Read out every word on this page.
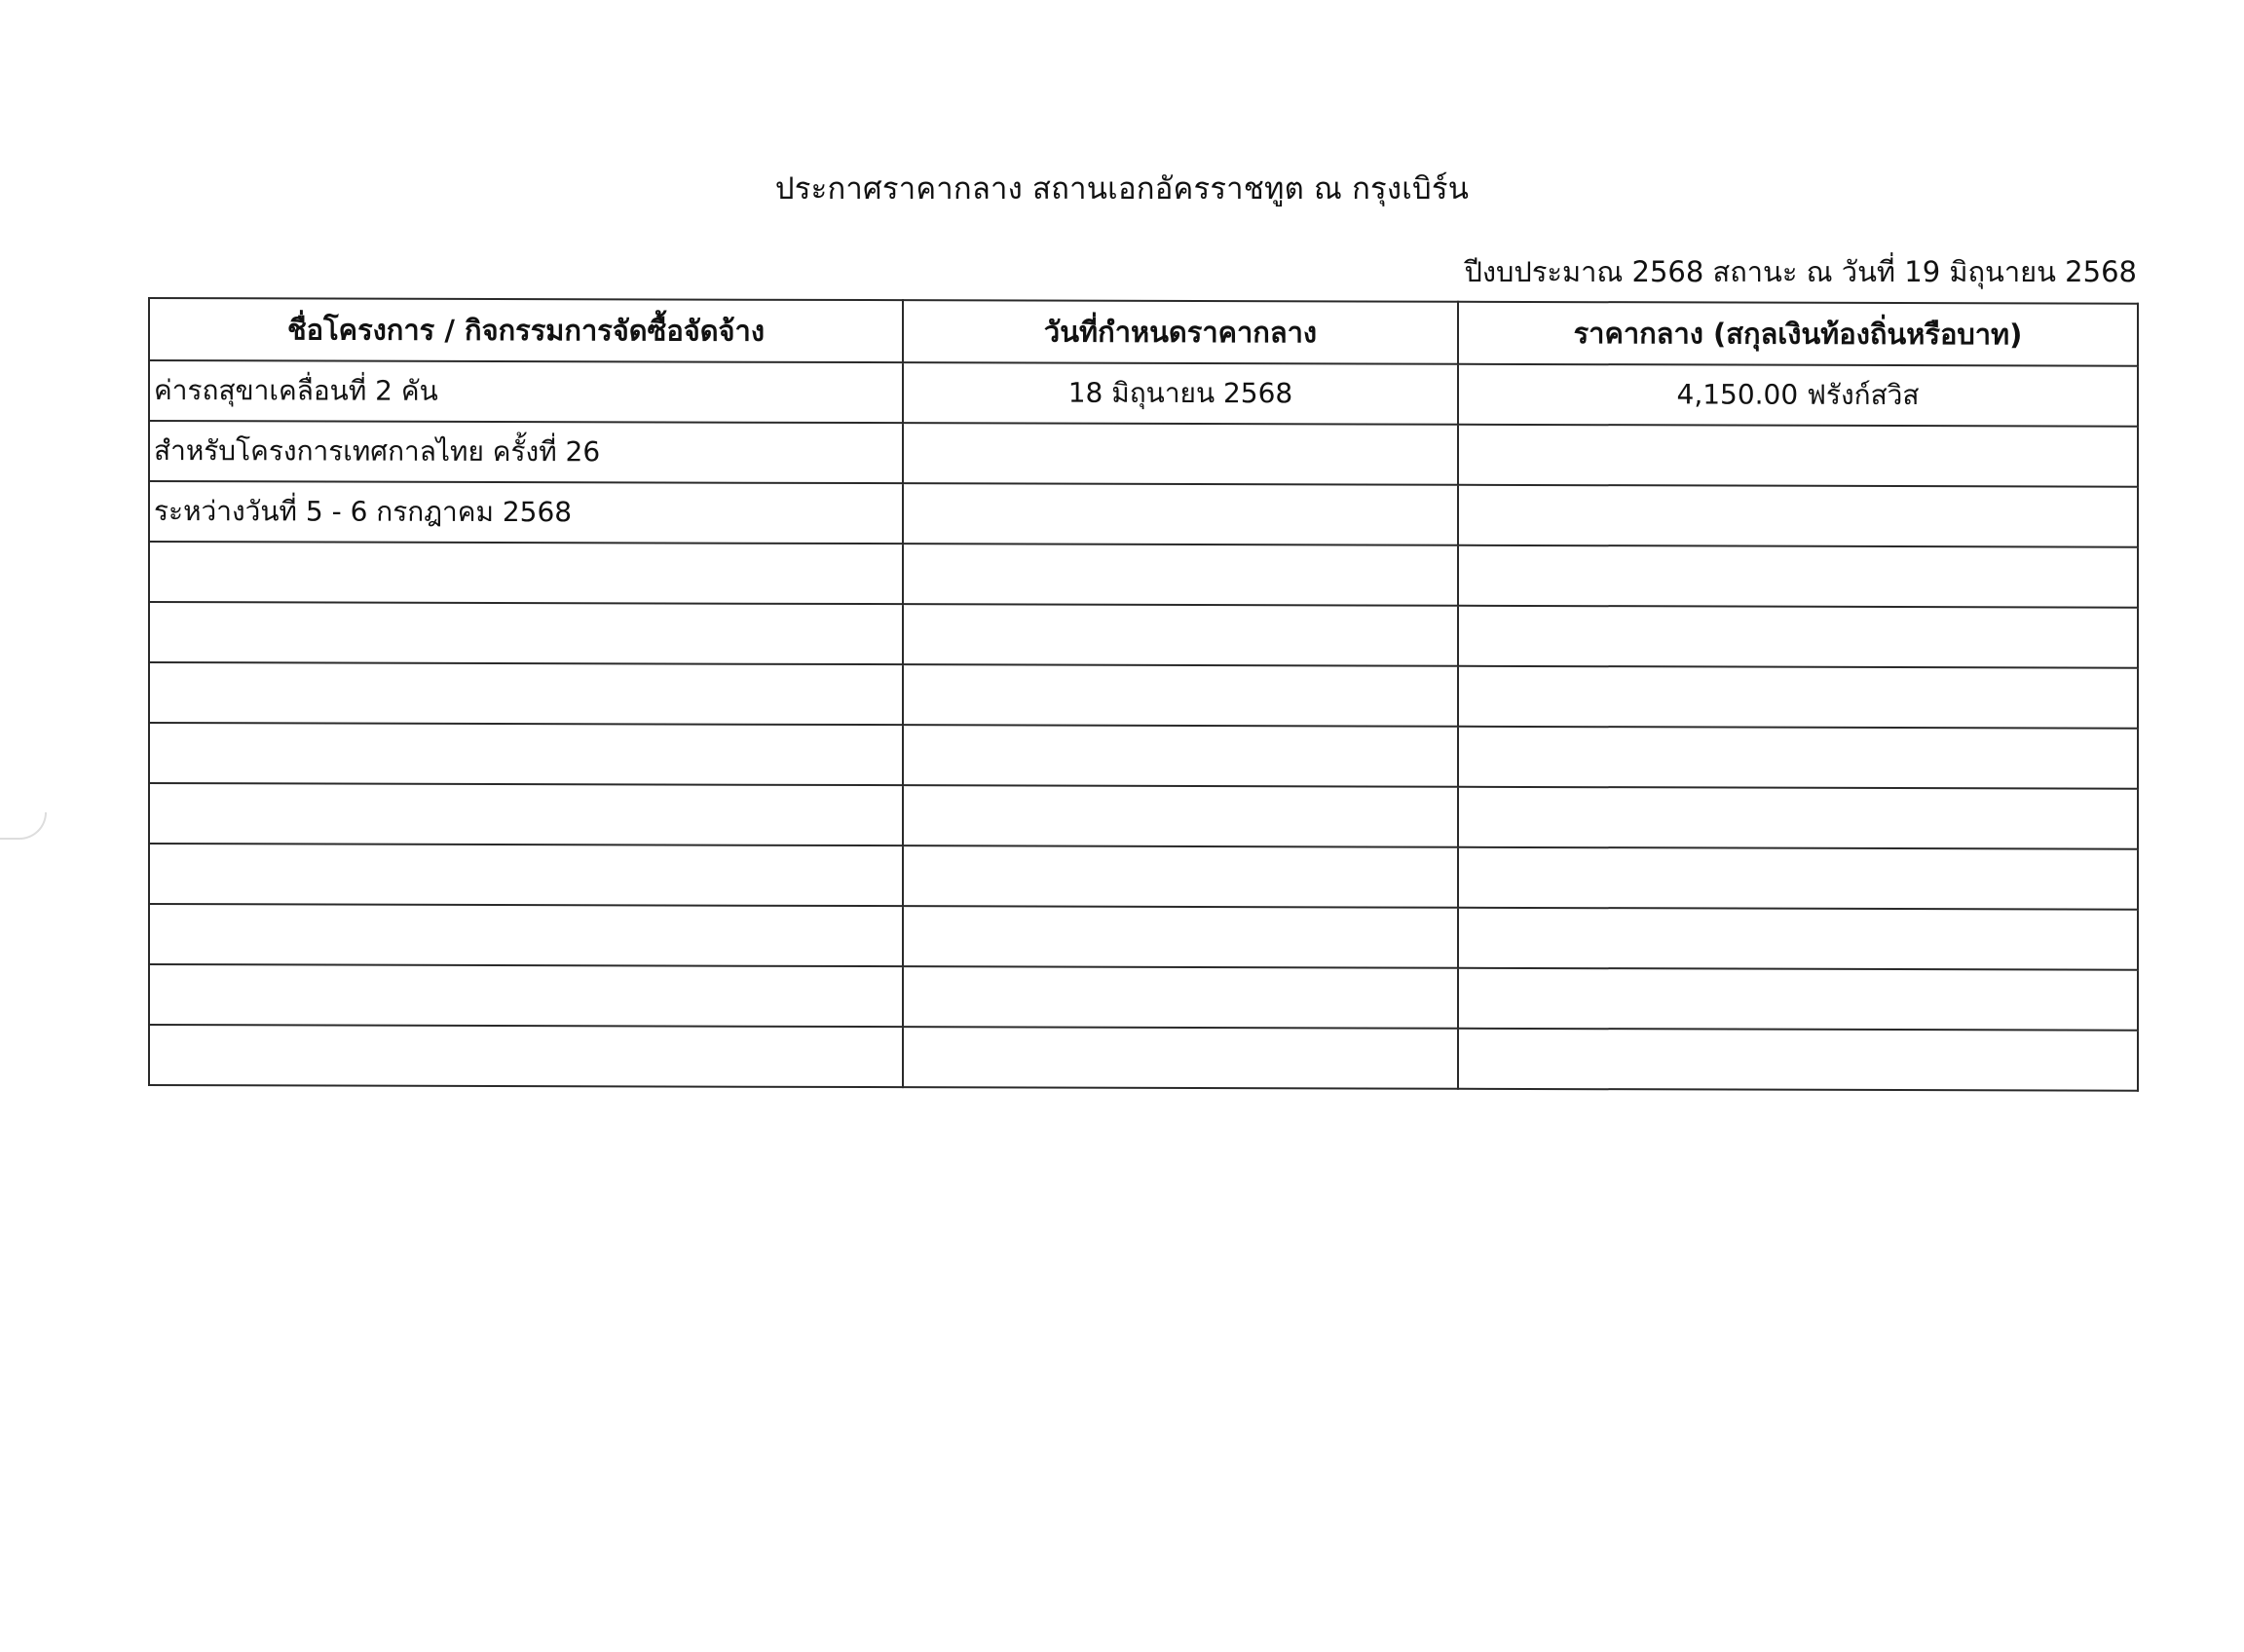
ประกาศราคากลาง สถานเอกอัครราชทูต ณ กรุงเบิร์น
ปีงบประมาณ 2568 สถานะ ณ วันที่ 19 มิถุนายน 2568
ชื่อโครงการ / กิจกรรมการจัดซื้อจัดจ้าง	วันที่กำหนดราคากลาง	ราคากลาง (สกุลเงินท้องถิ่นหรือบาท)
ค่ารถสุขาเคลื่อนที่ 2 คัน	18 มิถุนายน 2568	4,150.00 ฟรังก์สวิส
สำหรับโครงการเทศกาลไทย ครั้งที่ 26		
ระหว่างวันที่ 5 - 6 กรกฎาคม 2568		
